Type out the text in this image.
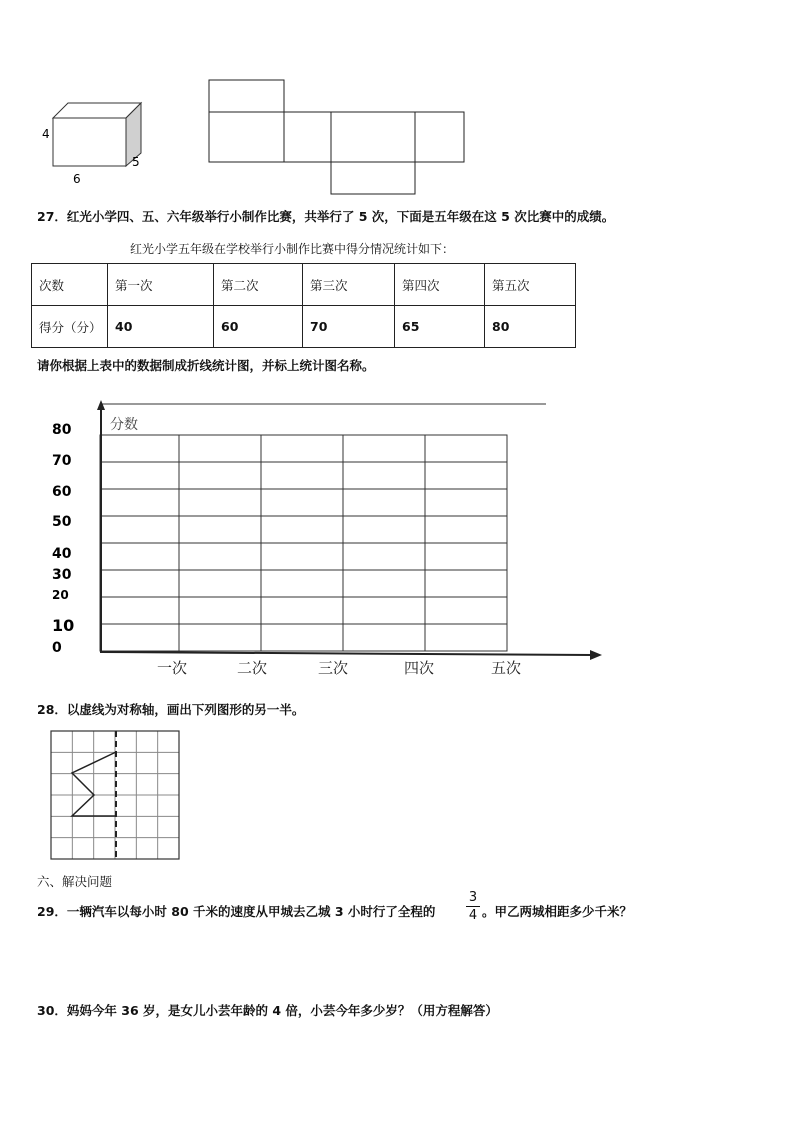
4
6
5
27．红光小学四、五、六年级举行小制作比赛，共举行了 5 次，下面是五年级在这 5 次比赛中的成绩。
红光小学五年级在学校举行小制作比赛中得分情况统计如下：
次数	第一次	第二次	第三次	第四次	第五次
得分（分）	40	60	70	65	80
请你根据上表中的数据制成折线统计图，并标上统计图名称。
分数
80
70
60
50
40
30
20
10
0
一次	二次	三次	四次	五次
28．以虚线为对称轴，画出下列图形的另一半。
六、解决问题
29．一辆汽车以每小时 80 千米的速度从甲城去乙城 3 小时行了全程的 $\frac{3}{4}$ 。甲乙两城相距多少千米？
30．妈妈今年 36 岁，是女儿小芸年龄的 4 倍，小芸今年多少岁？（用方程解答）
